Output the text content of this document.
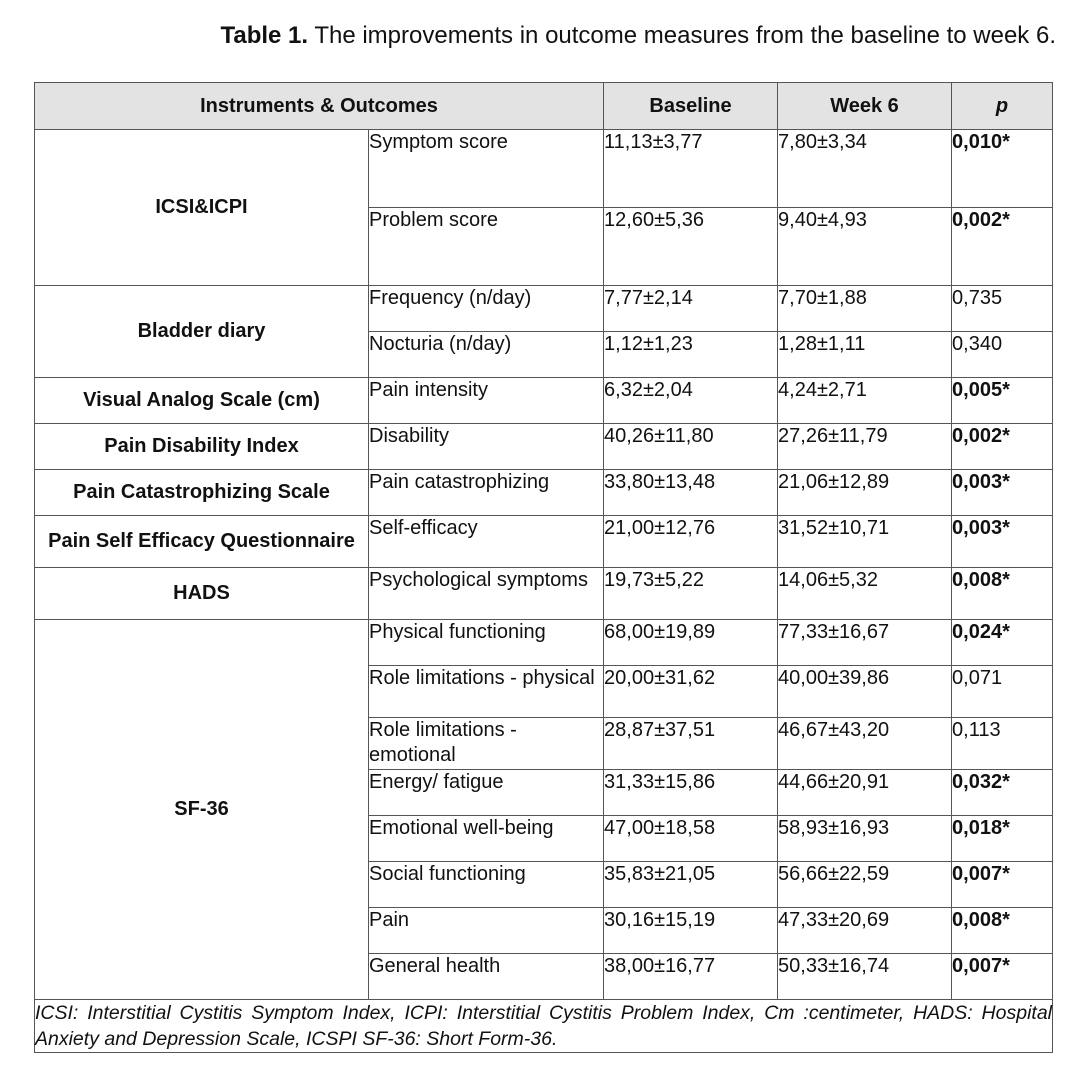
Table 1. The improvements in outcome measures from the baseline to week 6.
Instruments & Outcomes		Baseline	Week 6	p
ICSI&ICPI	Symptom score	11,13±3,77	7,80±3,34	0,010*
	Problem score	12,60±5,36	9,40±4,93	0,002*
Bladder diary	Frequency (n/day)	7,77±2,14	7,70±1,88	0,735
	Nocturia (n/day)	1,12±1,23	1,28±1,11	0,340
Visual Analog Scale (cm)	Pain intensity	6,32±2,04	4,24±2,71	0,005*
Pain Disability Index	Disability	40,26±11,80	27,26±11,79	0,002*
Pain Catastrophizing Scale	Pain catastrophizing	33,80±13,48	21,06±12,89	0,003*
Pain Self Efficacy Questionnaire	Self-efficacy	21,00±12,76	31,52±10,71	0,003*
HADS	Psychological symptoms	19,73±5,22	14,06±5,32	0,008*
SF-36	Physical functioning	68,00±19,89	77,33±16,67	0,024*
	Role limitations - physical	20,00±31,62	40,00±39,86	0,071
	Role limitations - emotional	28,87±37,51	46,67±43,20	0,113
	Energy/ fatigue	31,33±15,86	44,66±20,91	0,032*
	Emotional well-being	47,00±18,58	58,93±16,93	0,018*
	Social functioning	35,83±21,05	56,66±22,59	0,007*
	Pain	30,16±15,19	47,33±20,69	0,008*
	General health	38,00±16,77	50,33±16,74	0,007*
ICSI: Interstitial Cystitis Symptom Index, ICPI: Interstitial Cystitis Problem Index, Cm :centimeter, HADS: Hospital Anxiety and Depression Scale, ICSPI SF-36: Short Form-36.				
